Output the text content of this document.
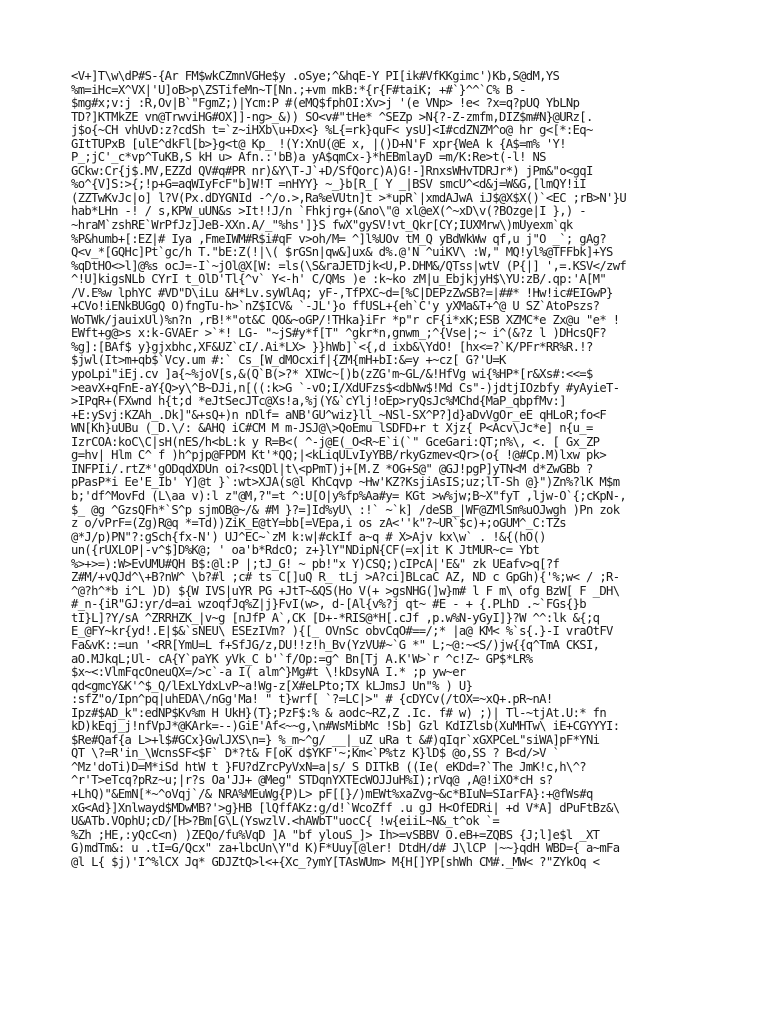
<V+]T\w\dP#S-{Ar FM$wkCZmnVGHe$y .oSye;^&hqE-Y PI[ik#VfKKgimc')Kb,S@dM,YS
%m=iHc=X^VX|'U]oB>p\ZSTifeMn~T[Nn.;+vm mkB:*{r{F#taiK; +#`}^^`C% B -
$mg#x;v:j :R,Ov|B`"FgmZ;)|Ycm:P #(eMQ$fphOI:Xv>j '(e VNp> !e< ?x=q?pUQ YbLNp
TD?]KTMkZE vn@TrwviHG#OX]]-ng>_&)) SO<v#"tHe* ^SEZp >N{?-Z-zmfm,DIZ$m#N}@URz[.
j$o{~CH vhUvD:z?cdSh t=`z~iHXb\u+Dx<} %L{=rk}quF< ysU]<I#cdZNZM^o@ hr g<[*:Eq~
GItTUPxB [ulE^dkFl[b>}g<t@ Kp_ !(Y:XnU(@E x, |()D+N'F xpr{WeA k {A$=m% 'Y!
P_;jC'_c*vp^TuKB,S kH u> Afn.:'bB)a yA$qmCx-}*hEBmlayD =m/K:Re>t(-l! NS
GCkw:Cr{j$.MV,EZZd QV#q#PR nr)&Y\T-J`+D/SfQorc)A)G!-]RnxsWHvTDRJr*) jPm&"o<gqI
%o^{V]S:>{;!p+G=aqWIyFcF"b]W!T =nHYY} ~_}b[R_[ Y _|BSV smcU^<d&j=W&G,[lmQY!iI
(ZZTwKvJc|o] l?V(Px.dDYGNId -^/o.>,Ra%eVUtn]t >*upR`|xmdAJwA iJ$@X$X()`<EC ;rB>N'}U
hab*LHn -! / s,KPW_uUN&s >It!!J/n `Fhkjrg+(&no\"@ xl@eX(^~xD\v(?BOzge|I },) -
~hraM`zshRE`WrPfJz]JeB-XXn.A/_"%hs']}S fwX"gySV!vt_Qkr[CY;IUXMrw\)mUyexm`qk
%P&humb+[:EZ|# Iya ,FmeIWM#R$i#qF v>oh/M= ^]l%UOv tM_Q yBdWkWw qf,u j"O _`; gAg?
Q<v_*[GQHc]Pt`gc/h T."bE:Z(!|\( $rGSn|qw&]ux& d%.@'N ^uiKV\ :W," MQ!yl%@TFFbk]+YS
%qDtHO<>l]@%s ocJ=-I`~jOl@X[W: =ls(\S&raJETDjk<U,P.DHM&/QTss|wtV (P{|] ',=.KSV</zwf
^!U]kigsNLb CYrI t_OlD'Tl{^v` Y<-h' C/QMs )e :k~ko zM|u_EbjkjyH$\YU:zB/.qp:'A[M"
/V.E%w lphYC #VD"D\iLu &H*Lv.syWlAq; yF-,TfPXC~d=[%C|DEPzZwSB?=|##* !Hw!ic#EIGwP}
+CVo!iENkBUGgQ O)fngTu-h>`nZ$ICV& `-JL'}o ffUSL+{eh`C'y yXMa&T+^@ U SZ`AtoPszs?
WoTWk/jauixUl)%n?n ,rB!*"ot&C QO&~oGP/!THka}iFr *p"r cF{i*xK;ESB XZMC*e Zx@u "e* !
EWft+g@>s x:k-GVAEr >`*! LG- "~jS#y*f[T" ^gkr*n,gnwm_;^{Vse|;~ i^(&?z l )DHcsQF?
%g]:[BAf$ y}gjxbhc,XF&UZ`cI/.Ai*LX> }}hWb]`<{,d ixb&\YdO! [hx<=?`K/PFr*RR%R.!?
$jwl(It>m+qb$`Vcy.um #:` Cs_[W_dMOcxif|{ZM{mH+bI:&=y +~cz[ G?'U=K
ypoLpi"iEj.cv ]a{~%joV[s,&(Q`B(>?* XIWc~[)b(zZG'm~GL/&!HfVg wi{%HP*[r&Xs#:<<=$
>eavX+qFnE-aY{Q>y\^B~DJi,n[((:k>G `-vO;I/XdUFzs$<dbNw$!Md Cs"-)jdtjIOzbfy #yAyieT-
>IPqR+(FXwnd h{t;d *eJtSecJTc@Xs!a,%j(Y&`cYlj!oEp>ryQsJc%MChd{MaP_qbpfMv:]
+E:ySvj:KZAh_.Dk]"&+sQ+)n nDlf= aNB'GU^wiz}ll_~NSl-SX^P?]d}aDvVgOr_eE qHLoR;fo<F
WN[Kh}uUBu (_D.\/: &AHQ iC#CM M m-JSJ@\>QoEmu lSDFD+r t Xjz{ P<Acv\Jc*e] n{u_=
IzrCOA:koC\C|sH(nES/h<bL:k y R=B<( ^-j@E(_O<R~E`i(`" GceGari:QT;n%\, <. [ Gx_ZP
g=hv| Hlm C^ f )h^pjp@FPDM Kt'*QQ;|<kLiqULvIyYBB/rkyGzmev<Qr>(o{ !@#Cp.M)lxw pk>
INFPIi/.rtZ*'gODqdXDUn oi?<sQDl|t\<pPmT)j+[M.Z *OG+S@" @GJ!pgP]yTN<M d*ZwGBb ?
pPasP*i Ee'E_Ib' Y]@t }`:wt>XJA(s@l KhCqvp ~Hw'KZ?KsjiAsIS;uz;lT-Sh @}")Zn%?lK M$m
b;'df^MovFd (L\aa v):l z"@M,?"=t ^:U[O|y%fp%Aa#y= KGt >w%jw;B~X"fyT ,ljw-O`{;cKpN-,
$_ @g ^GzsQFh*`S^p sjmOB@~/& #M }?=]Id%yU\ :!` ~`k] /deSB_|WF@ZMlSm%uOJwgh )Pn zok
z o/vPrF=(Zg)R@q *=Td))ZiK_E@tY=bb[=VEpa,i os zA<''k"?~UR`$c)+;oGUM^_C:TZs
@*J/p)PN"?:gSch{fx-N') UJ^EC~`zM k:w|#ckIf a~q # X>Ajv kx\w` . !&{(hO()
un({rUXLOP|-v^$]D%K@; ' oa'b*RdcO; z+}lY"NDipN{CF(=x|it K JtMUR~c= Ybt
%>+>=):W>EvUMU#QH B$:@l:P |;tJ_G! ~ pb!"x Y)CSQ;)cIPcA|'E&" zk UEafv>q[?f
Z#M/+vQJd^\+B?nW^ \b?#l ;c# ts C[]uQ R_ tLj >A?ci]BLcaC AZ, ND c GpGh){'%;w< / ;R-
^@?h^*b i^L )D) ${W IVS|uYR PG +JtT~&QS(Ho V(+ >gsNHG(]w}m# l F m\ ofg BzW[ F _DH\
#_n-{iR"GJ:yr/d=ai wzoqfJq%Z|j}FvI(w>, d-[Al{v%?j qt~ #E - + {.PLhD .~`FGs{}b
tI}L]?Y/sA ^ZRRHZK_|v~g [nJfP A`,CK [D+-*RIS@*H[.cJf ,p.w%N-yGyI]}?W ^^:lk &{;q
E_@FY~kr{yd!.E|$&`sNEU\ ESEzIVm? ){[_ OVnSc obvCqO#==/;* |a@ KM< %`s{.}-I vraOtFV
Fa&vK::=un '<RR[YmU=L f+SfJG/z,DU!!z!h_Bv(YzVU#~`G *" L;~@:~<S/)jw{{q^TmA CKSI,
aO.MJkqL;Ul- cA{Y`paYK yVk_C b'`f/Op:=g^ Bn[Tj A.K'W>`r ^c!Z~ GP$*LR%
$x~<:VlmFqcOneuQX=/>c`-a I( alm^}Mg#t \!kDsyNA I.* ;p yw~er
qd<gmcY&K'^$_Q/lExLYdxLvP~a!Wg-z[X#eLPto;TX kLJmsJ Un"% ) U}
:sfZ"o/Ipn^pq|uhEDA\/nGg'Ma! " t}wrf[ `?=LC|>" # {cDYCv(/tOX=~xQ+.pR~nA!
Ipz#$AD_k":edNP$Kv%m H UkH}(T};PzF$:% & aodc~RZ,Z .Ic. f# w) ;)| Tl-~tjAt.U:* fn
kD)kEqj_j!nfVpJ*@KArk=--)GiE'Af<~~g,\n#WsMibMc !Sb] Gzl KdIZlsb(XuMHTw\ iE+CGYYYI:
$Re#Qaf{a L>+l$#GCx}GwlJXS\n=} %_m~^g/ __|_uZ uRa t &#)qIqr`xGXPCeL"siWA]pF*YNi
QT \?=R'in_\WcnsSF<$F` D*?t& F[oK d$YKF'~;Km<`P%tz K}lD$ @o,SS ? B<d/>V `
^Mz'doTi)D=M*iSd htW t }FU?dZrcPyVxN=a|s/ S DITkB ((Ie( eKDd=?`The JmK!c,h\^?
^r'T>eTcq?pRz~u;|r?s Oa'JJ+ @Meg" STDqnYXTEcWOJJuH%I);rVq@ ,A@!iXO*cH s?
+LhQ)"&EmN[*~^oVqj`/& NRA%MEuWg{P)L> pF[[}/)mEWt%xaZvg~&c*BIuN=SIarFA}:+@fWs#q
xG<Ad}]Xnlwayd$MDwMB?'>g}HB [lQffAKz:g/d!`WcoZff .u gJ H<OfEDRi| +d V*A] dPuFtBz&\
U&ATb.VOphU;cD/[H>?Bm[G\L(YswzlV.<hAWbT"uocC{ !w{eiiL~N&_t^ok `=
%Zh ;HE,:yQcC<n) )ZEQo/fu%VqD ]A "bf ylouS_]> Ih>=vSBBV O.eB+=ZQBS {J;l]e$l _XT
G)mdTm&: u .tI=G/Qcx" za+lbcUn\Y"d K)F*Uuy[@ler! DtdH/d# J\lCP |~~}qdH WBD={ a~mFa
@l L{ $j)'I^%lCX Jq* GDJZtQ>l<+{Xc_?ymY[TAsWUm> M{H[]YP[shWh CM#._MW< ?"ZYkOq <
